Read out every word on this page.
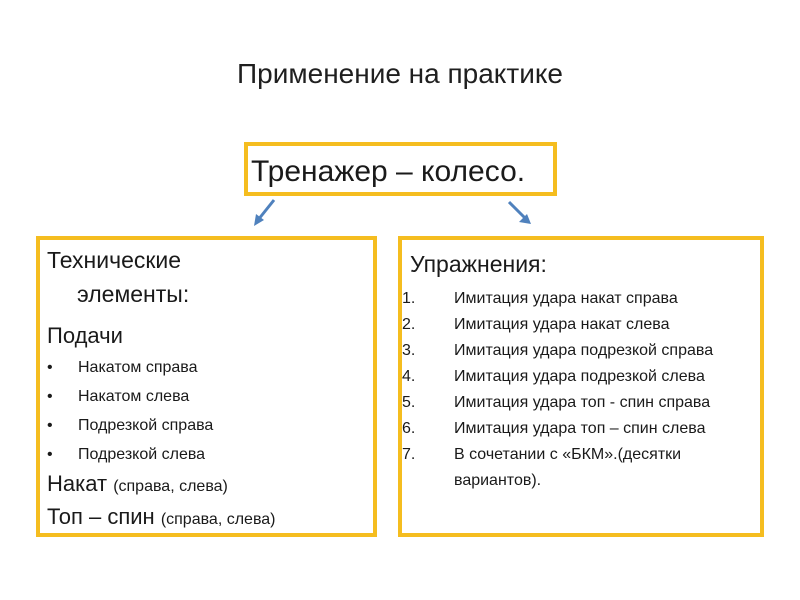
Применение на практике
Тренажер – колесо.
Технические
элементы:
Подачи
• Накатом справа
• Накатом слева
• Подрезкой справа
• Подрезкой слева
Накат (справа, слева)
Топ – спин (справа, слева)
Упражнения:
1. Имитация удара накат справа
2. Имитация удара накат слева
3. Имитация удара подрезкой справа
4. Имитация удара подрезкой слева
5. Имитация удара топ - спин справа
6. Имитация удара топ – спин слева
7. В сочетании с «БКМ».(десятки вариантов).
